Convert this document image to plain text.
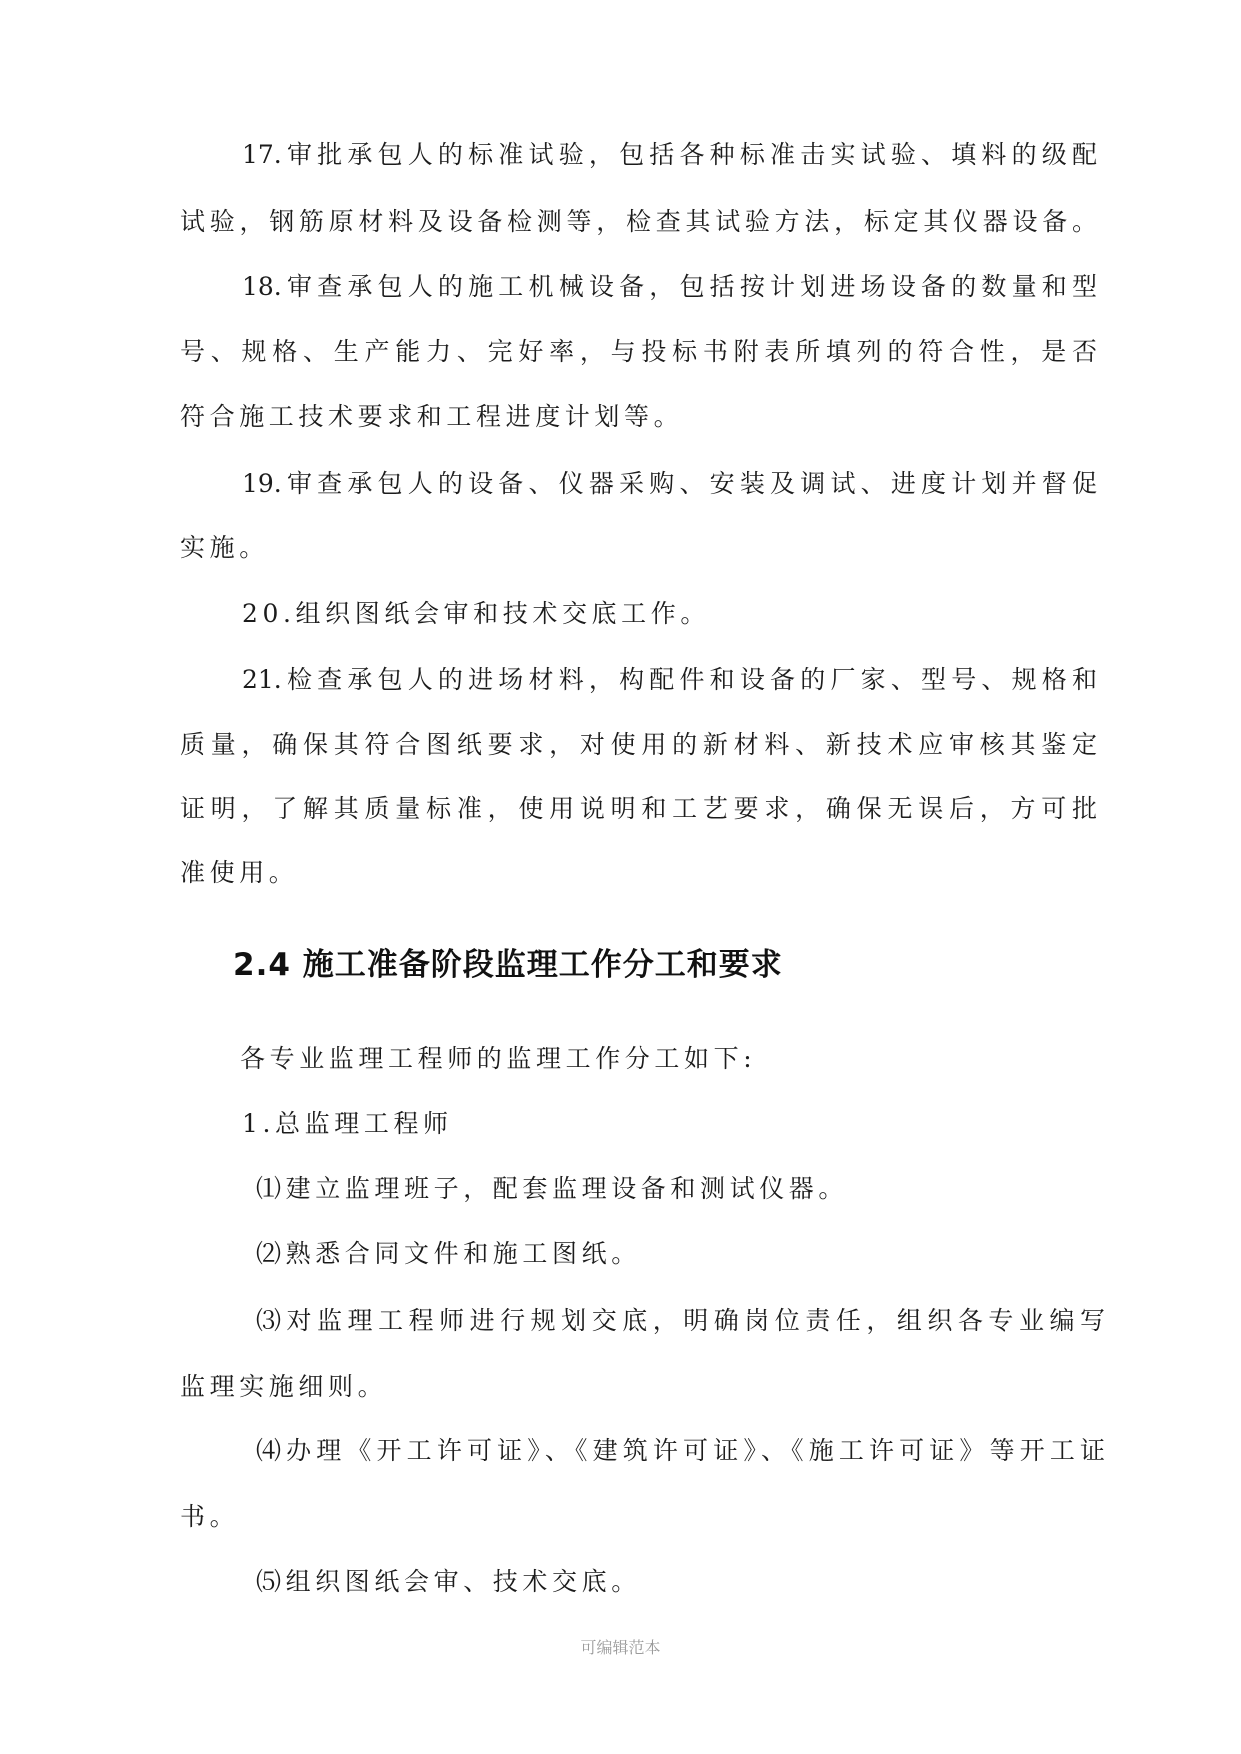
17.审批承包人的标准试验，包括各种标准击实试验、填料的级配
试验，钢筋原材料及设备检测等，检查其试验方法，标定其仪器设备。
18.审查承包人的施工机械设备，包括按计划进场设备的数量和型
号、规格、生产能力、完好率，与投标书附表所填列的符合性，是否
符合施工技术要求和工程进度计划等。
19.审查承包人的设备、仪器采购、安装及调试、进度计划并督促
实施。
20.组织图纸会审和技术交底工作。
21.检查承包人的进场材料，构配件和设备的厂家、型号、规格和
质量，确保其符合图纸要求，对使用的新材料、新技术应审核其鉴定
证明，了解其质量标准，使用说明和工艺要求，确保无误后，方可批
准使用。
2.4 施工准备阶段监理工作分工和要求
各专业监理工程师的监理工作分工如下:
1.总监理工程师
⑴建立监理班子，配套监理设备和测试仪器。
⑵熟悉合同文件和施工图纸。
⑶对监理工程师进行规划交底，明确岗位责任，组织各专业编写
监理实施细则。
⑷办理《开工许可证》、《建筑许可证》、《施工许可证》等开工证
书。
⑸组织图纸会审、技术交底。
可编辑范本
